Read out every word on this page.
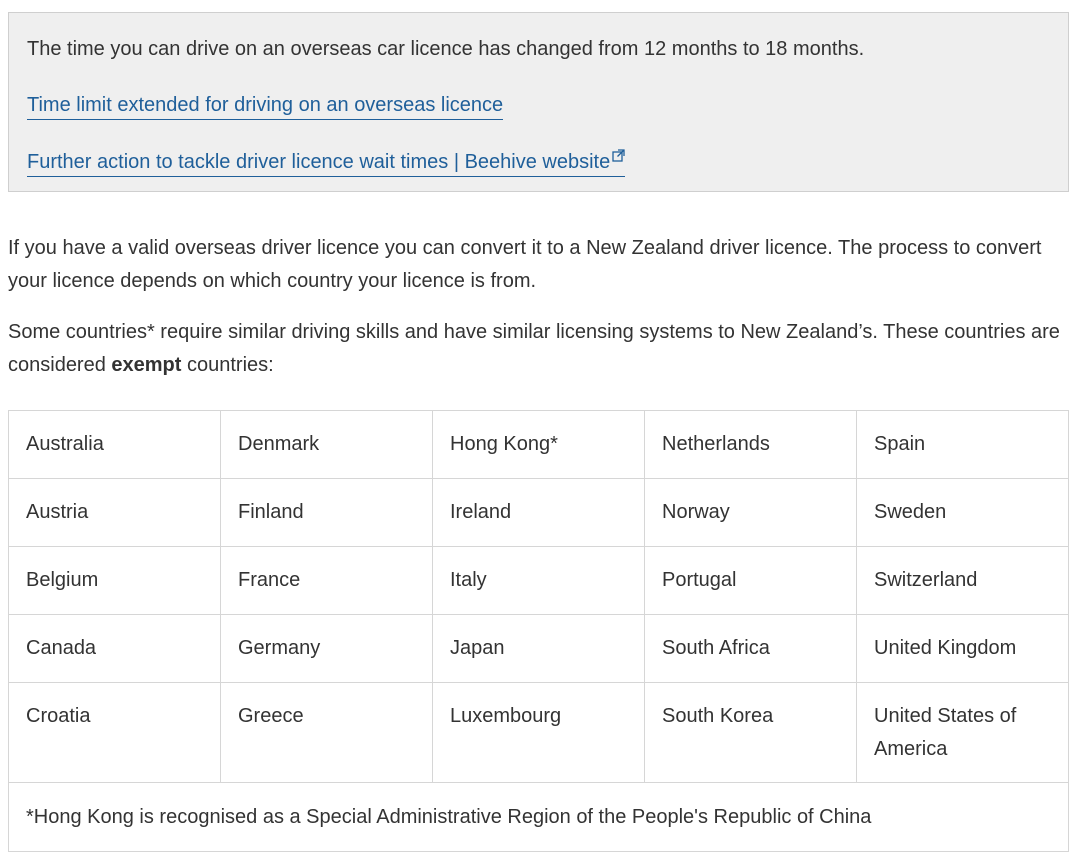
The time you can drive on an overseas car licence has changed from 12 months to 18 months.

Time limit extended for driving on an overseas licence
Further action to tackle driver licence wait times | Beehive website

If you have a valid overseas driver licence you can convert it to a New Zealand driver licence. The process to convert your licence depends on which country your licence is from.

Some countries* require similar driving skills and have similar licensing systems to New Zealand’s. These countries are considered exempt countries:

Australia	Denmark	Hong Kong*	Netherlands	Spain
Austria	Finland	Ireland	Norway	Sweden
Belgium	France	Italy	Portugal	Switzerland
Canada	Germany	Japan	South Africa	United Kingdom
Croatia	Greece	Luxembourg	South Korea	United States of America
*Hong Kong is recognised as a Special Administrative Region of the People's Republic of China				
